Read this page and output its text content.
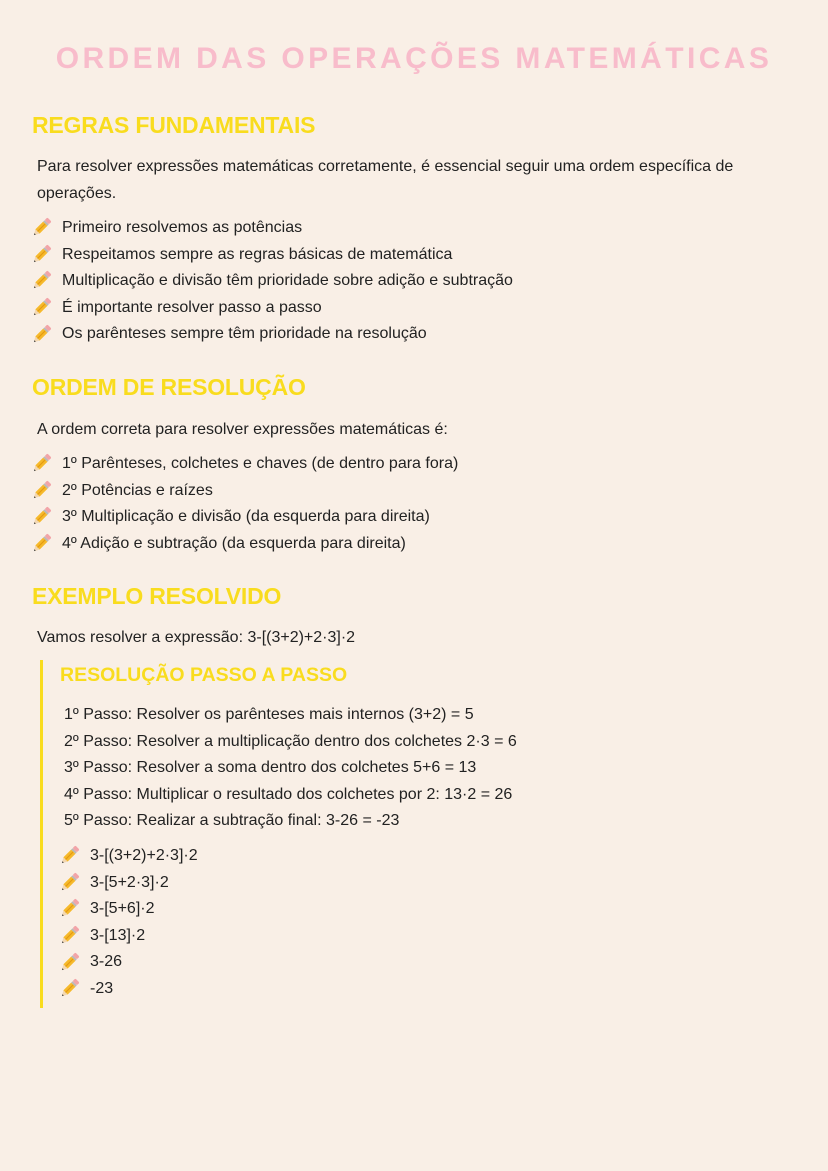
ORDEM DAS OPERAÇÕES MATEMÁTICAS
REGRAS FUNDAMENTAIS
Para resolver expressões matemáticas corretamente, é essencial seguir uma ordem específica de operações.
Primeiro resolvemos as potências
Respeitamos sempre as regras básicas de matemática
Multiplicação e divisão têm prioridade sobre adição e subtração
É importante resolver passo a passo
Os parênteses sempre têm prioridade na resolução
ORDEM DE RESOLUÇÃO
A ordem correta para resolver expressões matemáticas é:
1º Parênteses, colchetes e chaves (de dentro para fora)
2º Potências e raízes
3º Multiplicação e divisão (da esquerda para direita)
4º Adição e subtração (da esquerda para direita)
EXEMPLO RESOLVIDO
Vamos resolver a expressão: 3-[(3+2)+2·3]·2
RESOLUÇÃO PASSO A PASSO
1º Passo: Resolver os parênteses mais internos (3+2) = 5
2º Passo: Resolver a multiplicação dentro dos colchetes 2·3 = 6
3º Passo: Resolver a soma dentro dos colchetes 5+6 = 13
4º Passo: Multiplicar o resultado dos colchetes por 2: 13·2 = 26
5º Passo: Realizar a subtração final: 3-26 = -23
3-[(3+2)+2·3]·2
3-[5+2·3]·2
3-[5+6]·2
3-[13]·2
3-26
-23
